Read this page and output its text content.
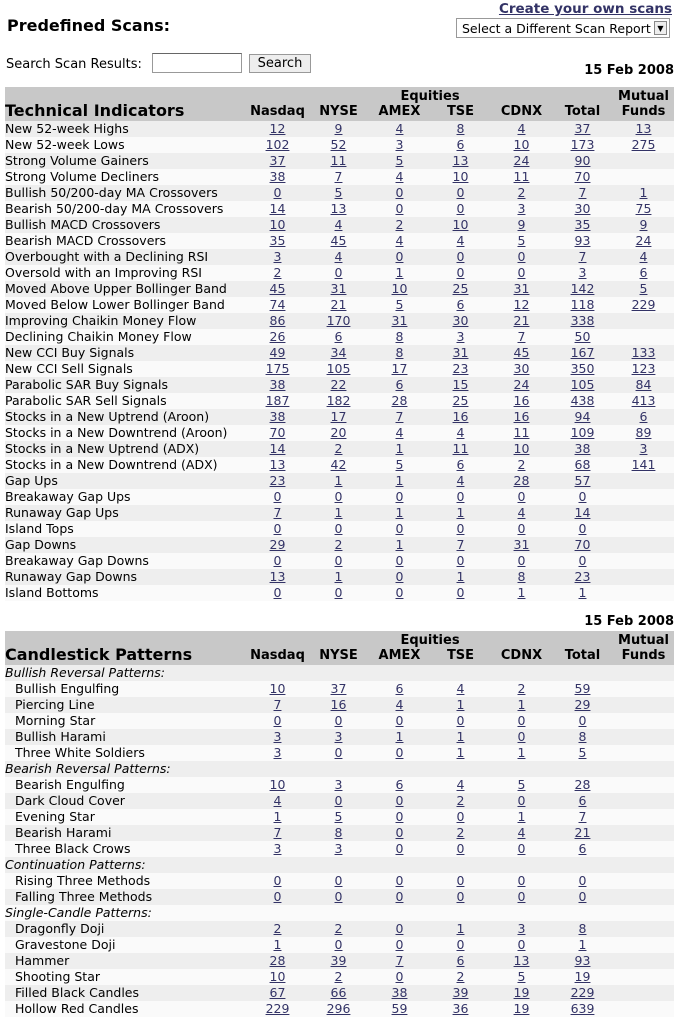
Predefined Scans:
Create your own scans
Select a Different Scan Report ▼
Search Scan Results:	Search	15 Feb 2008
Technical Indicators	Equities						Mutual
	Nasdaq	NYSE	AMEX	TSE	CDNX	Total	Funds
New 52-week Highs	12	9	4	8	4	37	13
New 52-week Lows	102	52	3	6	10	173	275
Strong Volume Gainers	37	11	5	13	24	90	
Strong Volume Decliners	38	7	4	10	11	70	
Bullish 50/200-day MA Crossovers	0	5	0	0	2	7	1
Bearish 50/200-day MA Crossovers	14	13	0	0	3	30	75
Bullish MACD Crossovers	10	4	2	10	9	35	9
Bearish MACD Crossovers	35	45	4	4	5	93	24
Overbought with a Declining RSI	3	4	0	0	0	7	4
Oversold with an Improving RSI	2	0	1	0	0	3	6
Moved Above Upper Bollinger Band	45	31	10	25	31	142	5
Moved Below Lower Bollinger Band	74	21	5	6	12	118	229
Improving Chaikin Money Flow	86	170	31	30	21	338	
Declining Chaikin Money Flow	26	6	8	3	7	50	
New CCI Buy Signals	49	34	8	31	45	167	133
New CCI Sell Signals	175	105	17	23	30	350	123
Parabolic SAR Buy Signals	38	22	6	15	24	105	84
Parabolic SAR Sell Signals	187	182	28	25	16	438	413
Stocks in a New Uptrend (Aroon)	38	17	7	16	16	94	6
Stocks in a New Downtrend (Aroon)	70	20	4	4	11	109	89
Stocks in a New Uptrend (ADX)	14	2	1	11	10	38	3
Stocks in a New Downtrend (ADX)	13	42	5	6	2	68	141
Gap Ups	23	1	1	4	28	57	
Breakaway Gap Ups	0	0	0	0	0	0	
Runaway Gap Ups	7	1	1	1	4	14	
Island Tops	0	0	0	0	0	0	
Gap Downs	29	2	1	7	31	70	
Breakaway Gap Downs	0	0	0	0	0	0	
Runaway Gap Downs	13	1	0	1	8	23	
Island Bottoms	0	0	0	0	1	1	
15 Feb 2008
Candlestick Patterns	Equities						Mutual
	Nasdaq	NYSE	AMEX	TSE	CDNX	Total	Funds
Bullish Reversal Patterns:							
Bullish Engulfing	10	37	6	4	2	59	
Piercing Line	7	16	4	1	1	29	
Morning Star	0	0	0	0	0	0	
Bullish Harami	3	3	1	1	0	8	
Three White Soldiers	3	0	0	1	1	5	
Bearish Reversal Patterns:							
Bearish Engulfing	10	3	6	4	5	28	
Dark Cloud Cover	4	0	0	2	0	6	
Evening Star	1	5	0	0	1	7	
Bearish Harami	7	8	0	2	4	21	
Three Black Crows	3	3	0	0	0	6	
Continuation Patterns:							
Rising Three Methods	0	0	0	0	0	0	
Falling Three Methods	0	0	0	0	0	0	
Single-Candle Patterns:							
Dragonfly Doji	2	2	0	1	3	8	
Gravestone Doji	1	0	0	0	0	1	
Hammer	28	39	7	6	13	93	
Shooting Star	10	2	0	2	5	19	
Filled Black Candles	67	66	38	39	19	229	
Hollow Red Candles	229	296	59	36	19	639	
